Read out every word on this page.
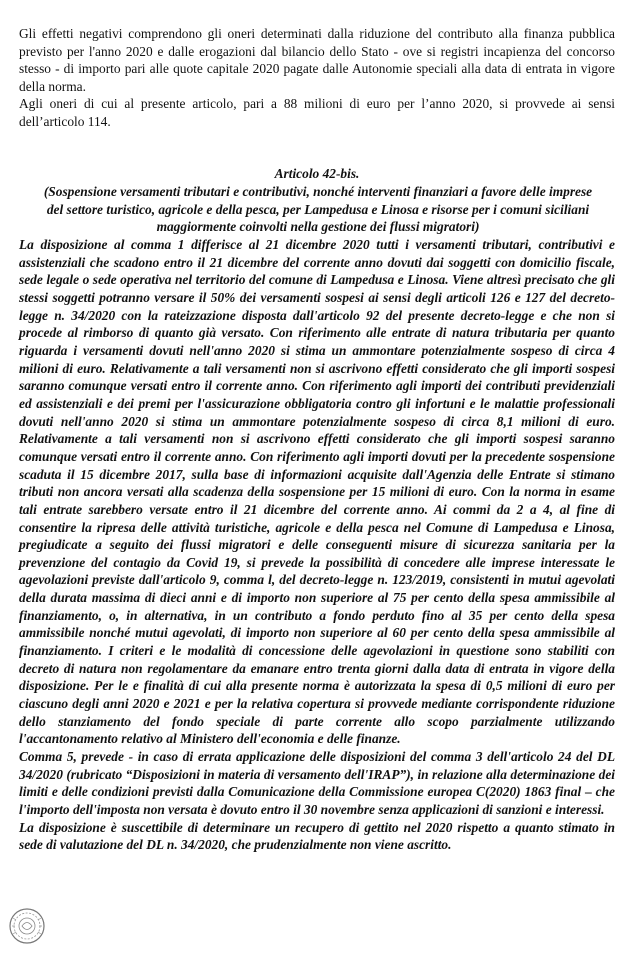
Gli effetti negativi comprendono gli oneri determinati dalla riduzione del contributo alla finanza pubblica previsto per l'anno 2020 e dalle erogazioni dal bilancio dello Stato - ove si registri incapienza del concorso stesso - di importo pari alle quote capitale 2020 pagate dalle Autonomie speciali alla data di entrata in vigore della norma.

Agli oneri di cui al presente articolo, pari a 88 milioni di euro per l’anno 2020, si provvede ai sensi dell’articolo 114.

Articolo 42-bis.
(Sospensione versamenti tributari e contributivi, nonché interventi finanziari a favore delle imprese del settore turistico, agricole e della pesca, per Lampedusa e Linosa e risorse per i comuni siciliani maggiormente coinvolti nella gestione dei flussi migratori)

La disposizione al comma 1 differisce al 21 dicembre 2020 tutti i versamenti tributari, contributivi e assistenziali che scadono entro il 21 dicembre del corrente anno dovuti dai soggetti con domicilio fiscale, sede legale o sede operativa nel territorio del comune di Lampedusa e Linosa. Viene altresì precisato che gli stessi soggetti potranno versare il 50% dei versamenti sospesi ai sensi degli articoli 126 e 127 del decreto-legge n. 34/2020 con la rateizzazione disposta dall'articolo 92 del presente decreto-legge e che non si procede al rimborso di quanto già versato. Con riferimento alle entrate di natura tributaria per quanto riguarda i versamenti dovuti nell'anno 2020 si stima un ammontare potenzialmente sospeso di circa 4 milioni di euro. Relativamente a tali versamenti non si ascrivono effetti considerato che gli importi sospesi saranno comunque versati entro il corrente anno. Con riferimento agli importi dei contributi previdenziali ed assistenziali e dei premi per l'assicurazione obbligatoria contro gli infortuni e le malattie professionali dovuti nell'anno 2020 si stima un ammontare potenzialmente sospeso di circa 8,1 milioni di euro. Relativamente a tali versamenti non si ascrivono effetti considerato che gli importi sospesi saranno comunque versati entro il corrente anno. Con riferimento agli importi dovuti per la precedente sospensione scaduta il 15 dicembre 2017, sulla base di informazioni acquisite dall'Agenzia delle Entrate si stimano tributi non ancora versati alla scadenza della sospensione per 15 milioni di euro. Con la norma in esame tali entrate sarebbero versate entro il 21 dicembre del corrente anno. Ai commi da 2 a 4, al fine di consentire la ripresa delle attività turistiche, agricole e della pesca nel Comune di Lampedusa e Linosa, pregiudicate a seguito dei flussi migratori e delle conseguenti misure di sicurezza sanitaria per la prevenzione del contagio da Covid 19, si prevede la possibilità di concedere alle imprese interessate le agevolazioni previste dall'articolo 9, comma l, del decreto-legge n. 123/2019, consistenti in mutui agevolati della durata massima di dieci anni e di importo non superiore al 75 per cento della spesa ammissibile al finanziamento, o, in alternativa, in un contributo a fondo perduto fino al 35 per cento della spesa ammissibile nonché mutui agevolati, di importo non superiore al 60 per cento della spesa ammissibile al finanziamento. I criteri e le modalità di concessione delle agevolazioni in questione sono stabiliti con decreto di natura non regolamentare da emanare entro trenta giorni dalla data di entrata in vigore della disposizione. Per le e finalità di cui alla presente norma è autorizzata la spesa di 0,5 milioni di euro per ciascuno degli anni 2020 e 2021 e per la relativa copertura si provvede mediante corrispondente riduzione dello stanziamento del fondo speciale di parte corrente allo scopo parzialmente utilizzando l'accantonamento relativo al Ministero dell'economia e delle finanze.

Comma 5, prevede - in caso di errata applicazione delle disposizioni del comma 3 dell'articolo 24 del DL 34/2020 (rubricato “Disposizioni in materia di versamento dell'IRAP”), in relazione alla determinazione dei limiti e delle condizioni previsti dalla Comunicazione della Commissione europea C(2020) 1863 final – che l'importo dell'imposta non versata è dovuto entro il 30 novembre senza applicazioni di sanzioni e interessi.

La disposizione è suscettibile di determinare un recupero di gettito nel 2020 rispetto a quanto stimato in sede di valutazione del DL n. 34/2020, che prudenzialmente non viene ascritto.
